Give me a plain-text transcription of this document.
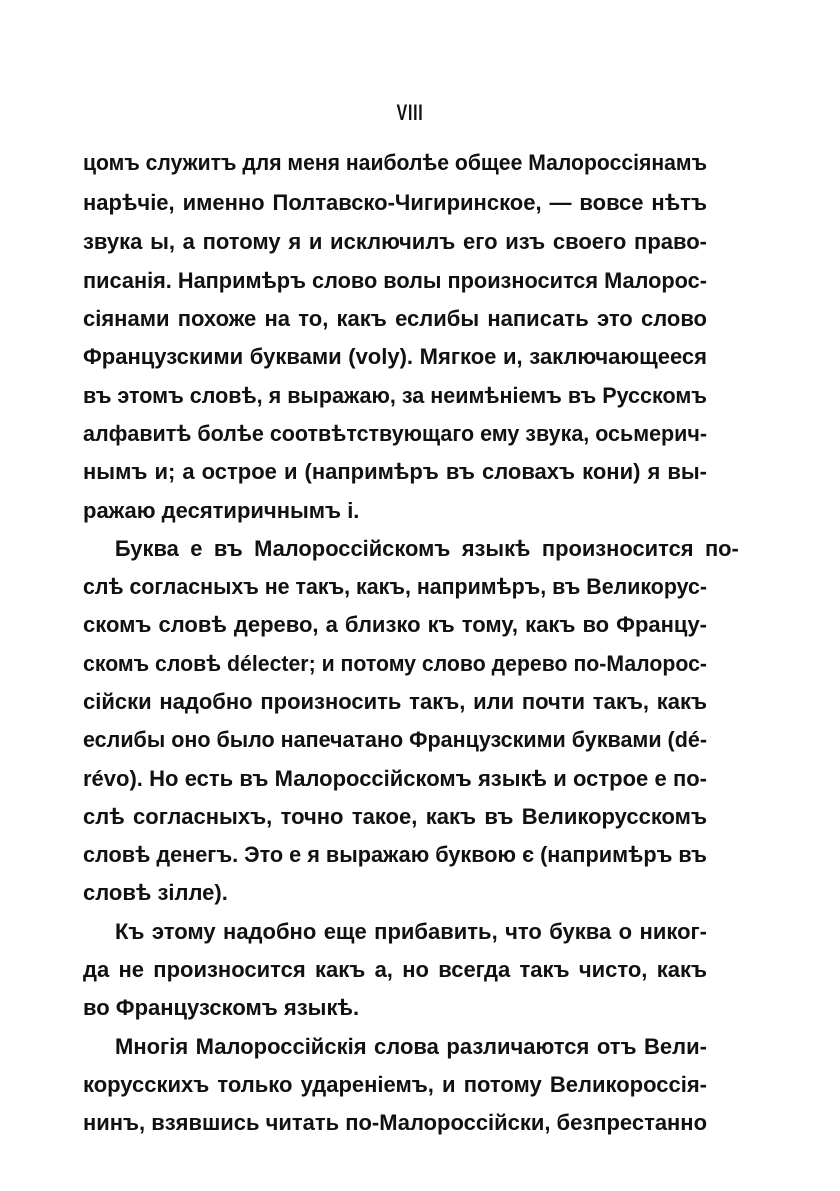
VIII
цомъ служитъ для меня наиболѣе общее Малороссіянамъ
нарѣчіе, именно Полтавско-Чигиринское, — вовсе нѣтъ
звука ы, а потому я и исключилъ его изъ своего право-
писанія. Напримѣръ слово волы произносится Малорос-
сіянами похоже на то, какъ еслибы написать это слово
Французскими буквами (voly). Мягкое и, заключающееся
въ этомъ словѣ, я выражаю, за неимѣніемъ въ Русскомъ
алфавитѣ болѣе соотвѣтствующаго ему звука, осьмерич-
нымъ и; а острое и (напримѣръ въ словахъ кони) я вы-
ражаю десятиричнымъ i.
Буква е въ Малороссійскомъ языкѣ произносится по-
слѣ согласныхъ не такъ, какъ, напримѣръ, въ Великорус-
скомъ словѣ дерево, а близко къ тому, какъ во Францу-
скомъ словѣ délecter; и потому слово дерево по-Малорос-
сійски надобно произносить такъ, или почти такъ, какъ
еслибы оно было напечатано Французскими буквами (dé-
révo). Но есть въ Малороссійскомъ языкѣ и острое е по-
слѣ согласныхъ, точно такое, какъ въ Великорусскомъ
словѣ денегъ. Это е я выражаю буквою є (напримѣръ въ
словѣ зілле).
Къ этому надобно еще прибавить, что буква о никог-
да не произносится какъ а, но всегда такъ чисто, какъ
во Французскомъ языкѣ.
Многія Малороссійскія слова различаются отъ Вели-
корусскихъ только удареніемъ, и потому Великороссія-
нинъ, взявшись читать по-Малороссійски, безпрестанно
